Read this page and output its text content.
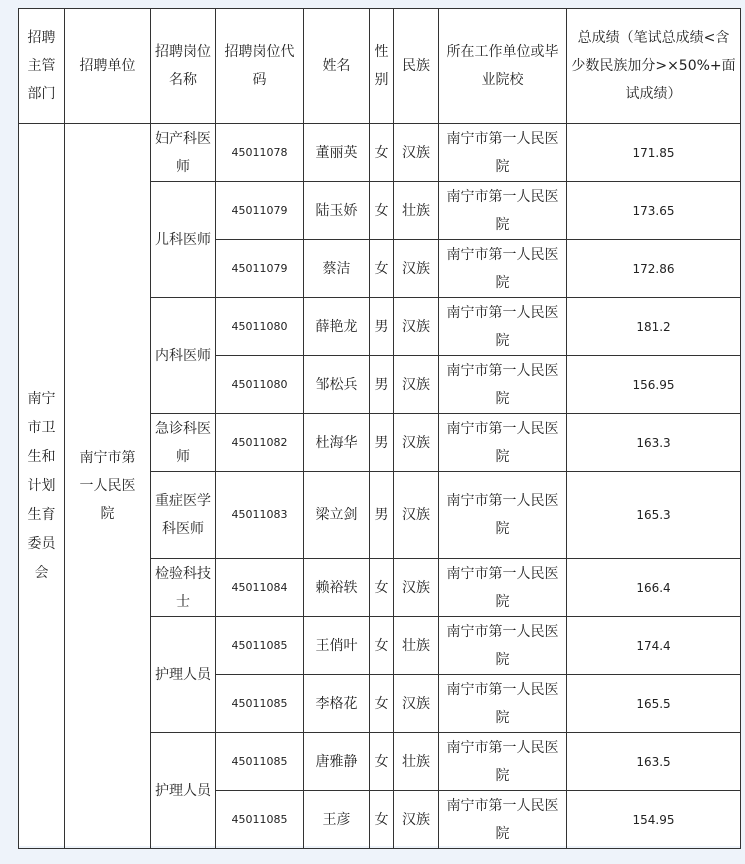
招聘主管部门	招聘单位	招聘岗位名称	招聘岗位代码	姓名	性别	民族	所在工作单位或毕业院校	总成绩（笔试总成绩<含少数民族加分>×50%+面试成绩）
南宁市卫生和计划生育委员会	南宁市第一人民医院	妇产科医师	45011078	董丽英	女	汉族	南宁市第一人民医院	171.85
		儿科医师	45011079	陆玉娇	女	壮族	南宁市第一人民医院	173.65
			45011079	蔡洁	女	汉族	南宁市第一人民医院	172.86
		内科医师	45011080	薛艳龙	男	汉族	南宁市第一人民医院	181.2
			45011080	邹松兵	男	汉族	南宁市第一人民医院	156.95
		急诊科医师	45011082	杜海华	男	汉族	南宁市第一人民医院	163.3
		重症医学科医师	45011083	梁立剑	男	汉族	南宁市第一人民医院	165.3
		检验科技士	45011084	赖裕轶	女	汉族	南宁市第一人民医院	166.4
		护理人员	45011085	王俏叶	女	壮族	南宁市第一人民医院	174.4
			45011085	李格花	女	汉族	南宁市第一人民医院	165.5
		护理人员	45011085	唐雅静	女	壮族	南宁市第一人民医院	163.5
			45011085	王彦	女	汉族	南宁市第一人民医院	154.95
